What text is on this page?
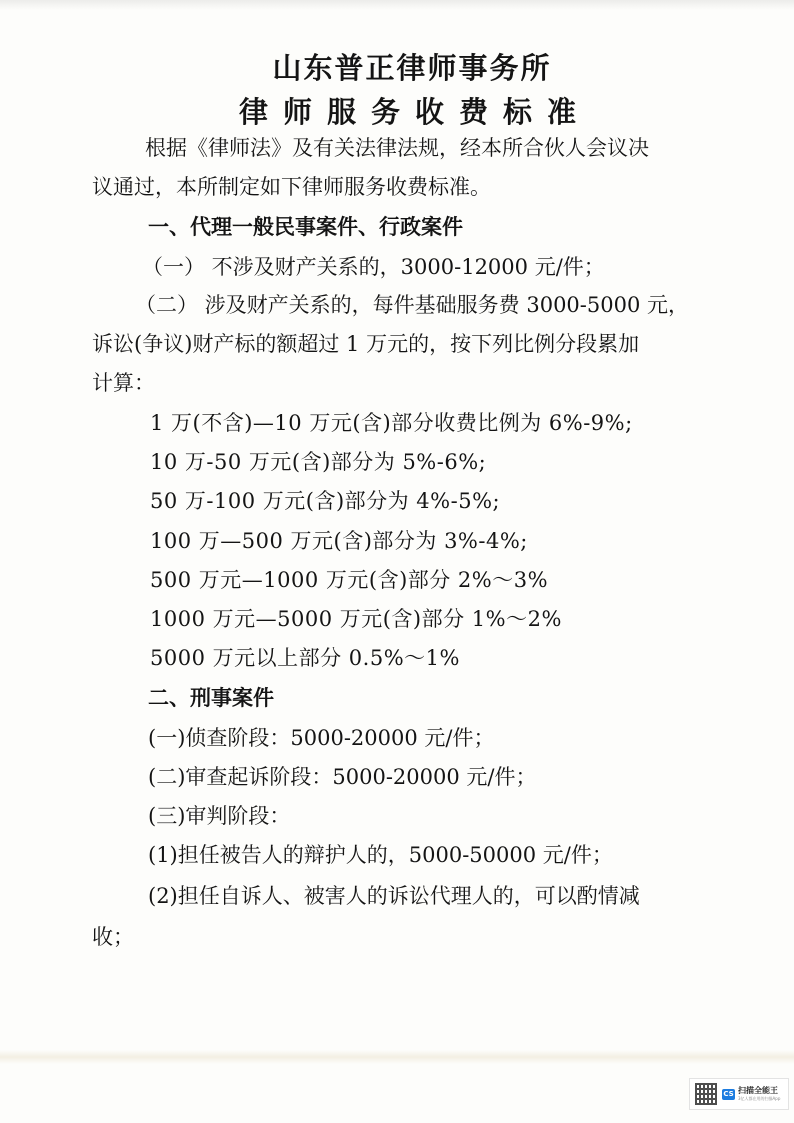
山东普正律师事务所
律师服务收费标准
根据《律师法》及有关法律法规，经本所合伙人会议决
议通过，本所制定如下律师服务收费标准。
一、代理一般民事案件、行政案件
（一） 不涉及财产关系的，3000-12000 元/件；
（二） 涉及财产关系的，每件基础服务费 3000-5000 元，
诉讼(争议)财产标的额超过 1 万元的，按下列比例分段累加
计算：
1 万(不含)—10 万元(含)部分收费比例为 6%-9%;
10 万-50 万元(含)部分为 5%-6%;
50 万-100 万元(含)部分为 4%-5%;
100 万—500 万元(含)部分为 3%-4%;
500 万元—1000 万元(含)部分 2%～3%
1000 万元—5000 万元(含)部分 1%～2%
5000 万元以上部分 0.5%～1%
二、刑事案件
(一)侦查阶段：5000-20000 元/件；
(二)审查起诉阶段：5000-20000 元/件；
(三)审判阶段：
(1)担任被告人的辩护人的，5000-50000 元/件；
(2)担任自诉人、被害人的诉讼代理人的，可以酌情减
收；
CS 扫描全能王
3亿人都在用的扫描App
